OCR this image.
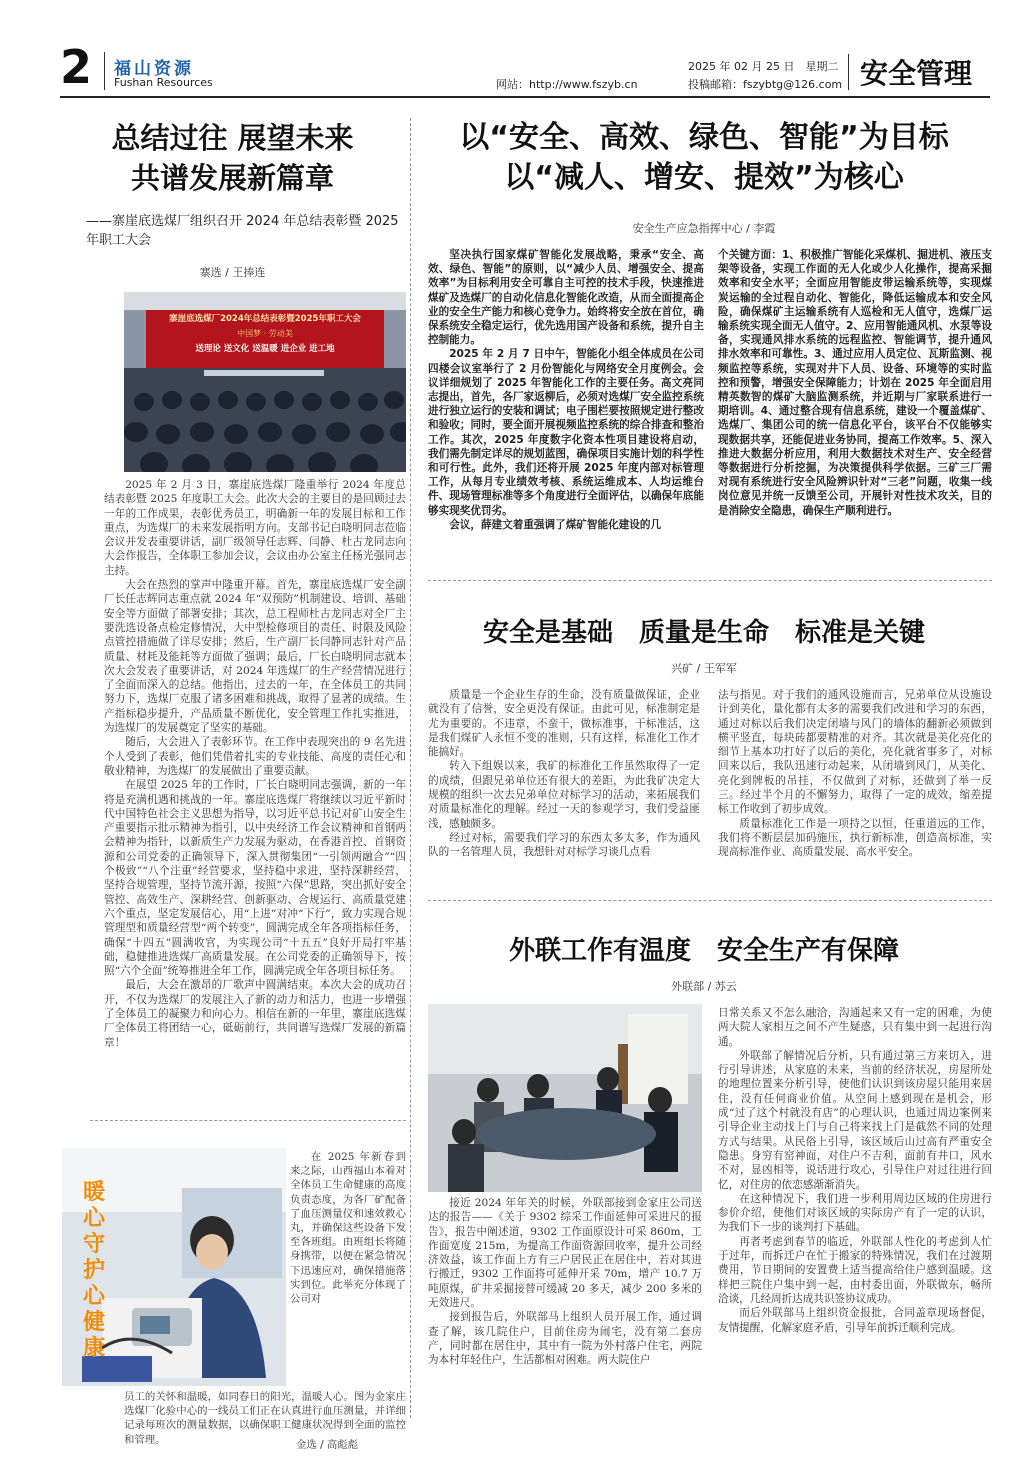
2 福山资源
Fushan Resources	网站：http://www.fszyb.cn
2025 年 02 月 25 日　星期二
投稿邮箱：fszybtg@126.com 安全管理
总结过往 展望未来
共谱发展新篇章
——寨崖底选煤厂组织召开 2024 年总结表彰暨 2025 年职工大会
寨选 / 王捧连
寨崖底选煤厂2024年总结表彰暨2025年职工大会
中国梦 · 劳动美
送理论 送文化 送温暖 进企业 进工地

2025 年 2 月 3 日，寨崖底选煤厂隆重举行 2024 年度总结表彰暨 2025 年度职工大会。此次大会的主要目的是回顾过去一年的工作成果，表彰优秀员工，明确新一年的发展目标和工作重点，为选煤厂的未来发展指明方向。支部书记白晓明同志莅临会议并发表重要讲话，副厂级领导任志辉、闫静、杜古龙同志向大会作报告，全体职工参加会议，会议由办公室主任杨光强同志主持。

大会在热烈的掌声中隆重开幕。首先，寨崖底选煤厂安全副厂长任志辉同志重点就 2024 年“双预防”机制建设、培训、基础安全等方面做了部署安排；其次，总工程师杜古龙同志对全厂主要洗选设备点检定修情况，大中型检修项目的责任、时限及风险点管控措施做了详尽安排；然后，生产副厂长闫静同志针对产品质量、材耗及能耗等方面做了强调；最后，厂长白晓明同志就本次大会发表了重要讲话，对 2024 年选煤厂的生产经营情况进行了全面而深入的总结。他指出，过去的一年，在全体员工的共同努力下，选煤厂克服了诸多困难和挑战，取得了显著的成绩。生产指标稳步提升，产品质量不断优化，安全管理工作扎实推进，为选煤厂的发展奠定了坚实的基础。

随后，大会进入了表彰环节。在工作中表现突出的 9 名先进个人受到了表彰，他们凭借着扎实的专业技能、高度的责任心和敬业精神，为选煤厂的发展做出了重要贡献。

在展望 2025 年的工作时，厂长白晓明同志强调，新的一年将是充满机遇和挑战的一年。寨崖底选煤厂将继续以习近平新时代中国特色社会主义思想为指导，以习近平总书记对矿山安全生产重要指示批示精神为指引，以中央经济工作会议精神和首钢两会精神为指针，以新质生产力发展为驱动，在香港首控、首钢资源和公司党委的正确领导下，深入贯彻集团“一引领两融合”“四个极致”“八个注重”经营要求，坚持稳中求进，坚持深耕经营，坚持合规管理，坚持节流开源，按照“六保”思路，突出抓好安全管控、高效生产、深耕经营、创新驱动、合规运行、高质量党建六个重点，坚定发展信心，用“上进”对冲“下行”，致力实现合规管理型和质量经营型“两个转变”，圆满完成全年各项指标任务，确保“十四五”圆满收官，为实现公司“十五五”良好开局打牢基础，稳健推进选煤厂高质量发展。在公司党委的正确领导下，按照“六个全面”统筹推进全年工作，圆满完成全年各项目标任务。

最后，大会在激昂的厂歌声中圆满结束。本次大会的成功召开，不仅为选煤厂的发展注入了新的动力和活力，也进一步增强了全体员工的凝聚力和向心力。相信在新的一年里，寨崖底选煤厂全体员工将团结一心，砥砺前行，共同谱写选煤厂发展的新篇章！

暖心守护心健康

在 2025 年新春到来之际，山西福山本着对全体员工生命健康的高度负责态度，为各厂矿配备了血压测量仪和速效救心丸，并确保这些设备下发至各班组。由班组长将随身携带，以便在紧急情况下迅速应对，确保措施落实到位。此举充分体现了公司对

员工的关怀和温暖，如同春日的阳光，温暖人心。图为金家庄选煤厂化验中心的一线员工们正在认真进行血压测量，并详细记录每班次的测量数据，以确保职工健康状况得到全面的监控和管理。	金选 / 高彪彪
以“安全、高效、绿色、智能”为目标
以“减人、增安、提效”为核心
安全生产应急指挥中心 / 李霞

坚决执行国家煤矿智能化发展战略，秉承“安全、高效、绿色、智能”的原则，以“减少人员、增强安全、提高效率”为目标利用安全可靠自主可控的技术手段，快速推进煤矿及选煤厂的自动化信息化智能化改造，从而全面提高企业的安全生产能力和核心竞争力。始终将安全放在首位，确保系统安全稳定运行，优先选用国产设备和系统，提升自主控制能力。

2025 年 2 月 7 日中午，智能化小组全体成员在公司四楼会议室举行了 2 月份智能化与网络安全月度例会。会议详细规划了 2025 年智能化工作的主要任务。高文亮同志提出，首先，各厂家返柳后，必须对选煤厂安全监控系统进行独立运行的安装和调试；电子围栏要按照规定进行整改和验收；同时，要全面开展视频监控系统的综合排查和整治工作。其次，2025 年度数字化资本性项目建设将启动，我们需先制定详尽的规划蓝图，确保项目实施计划的科学性和可行性。此外，我们还将开展 2025 年度内部对标管理工作，从每月专业绩效考核、系统运维成本、人均运维台件、现场管理标准等多个角度进行全面评估，以确保年底能够实现奖优罚劣。

会议，薛建文着重强调了煤矿智能化建设的几

个关键方面：1、积极推广智能化采煤机、掘进机、液压支架等设备，实现工作面的无人化或少人化操作，提高采掘效率和安全水平；全面应用智能皮带运输系统等，实现煤炭运输的全过程自动化、智能化，降低运输成本和安全风险，确保煤矿主运输系统有人巡检和无人值守，选煤厂运输系统实现全面无人值守。2、应用智能通风机、水泵等设备，实现通风排水系统的远程监控、智能调节，提升通风排水效率和可靠性。3、通过应用人员定位、瓦斯监测、视频监控等系统，实现对井下人员、设备、环境等的实时监控和预警，增强安全保障能力；计划在 2025 年全面启用精英数智的煤矿大脑监测系统，并近期与厂家联系进行一期培训。4、通过整合现有信息系统，建设一个覆盖煤矿、选煤厂、集团公司的统一信息化平台，该平台不仅能够实现数据共享，还能促进业务协同，提高工作效率。5、深入推进大数据分析应用，利用大数据技术对生产、安全经营等数据进行分析挖掘，为决策提供科学依据。三矿三厂需对现有系统进行安全风险辨识针对“三老”问题，收集一线岗位意见并统一反馈至公司，开展针对性技术攻关，目的是消除安全隐患，确保生产顺利进行。

安全是基础　质量是生命　标准是关键
兴矿 / 王军军

质量是一个企业生存的生命，没有质量做保证，企业就没有了信誉，安全更没有保证。由此可见，标准制定是尤为重要的。不违章，不蛮干，做标准事，干标准活，这是我们煤矿人永恒不变的准则，只有这样，标准化工作才能搞好。

转入下组娱以来，我矿的标准化工作虽然取得了一定的成绩，但跟兄弟单位还有很大的差距，为此我矿决定大规模的组织一次去兄弟单位对标学习的活动，来拓展我们对质量标准化的理解。经过一天的参观学习，我们受益匪浅，感触颇多。

经过对标，需要我们学习的东西太多太多，作为通风队的一名管理人员，我想针对对标学习谈几点看

法与指见。对于我们的通风设施而言，兄弟单位从设施设计到美化，量化都有太多的需要我们改进和学习的东西，通过对标以后我们决定闭墙与风门的墙体的翻新必须做到横平竖直，每块砖都要精准的对齐。其次就是美化亮化的细节上基本功打好了以后的美化，亮化就省事多了，对标回来以后，我队迅速行动起来，从闭墙到风门，从美化、亮化到牌板的吊挂，不仅做到了对标，还做到了举一反三。经过半个月的不懈努力，取得了一定的成效，缩差提标工作收到了初步成效。

质量标准化工作是一项持之以恒，任重道远的工作，我们将不断层层加码施压，执行新标准，创造高标准，实现高标准作业、高质量发展、高水平安全。

外联工作有温度　安全生产有保障
外联部 / 苏云

接近 2024 年年关的时候，外联部接到金家庄公司送达的报告——《关于 9302 综采工作面延伸可采进尺的报告》，报告中阐述道，9302 工作面原设计可采 860m，工作面宽度 215m，为提高工作面资源回收率，提升公司经济效益，该工作面上方有三户居民正在居住中，若对其进行搬迁，9302 工作面将可延伸开采 70m，增产 10.7 万吨原煤，矿井采掘接替可缓减 20 多天，减少 200 多米的无效进尺。

接到报告后，外联部马上组织人员开展工作，通过调查了解，该几院住户，目前住房为闹宅，没有第二套房产，同时都在居住中，其中有一院为外村落户住宅，两院为本村年轻住户，生活都相对困难。两大院住户

日常关系又不怎么融洽，沟通起来又有一定的困难，为使两大院人家相互之间不产生疑惑，只有集中到一起进行沟通。

外联部了解情况后分析，只有通过第三方来切入，进行引导讲述，从家庭的未来，当前的经济状况，房屋所处的地理位置来分析引导，使他们认识到该房屋只能用来居住，没有任何商业价值。从空间上感到现在是机会，形成“过了这个村就没有店”的心理认识，也通过周边案例来引导企业主动找上门与自己将来找上门是截然不同的处理方式与结果。从民俗上引导，该区域后山过高有严重安全隐患。身穷有窑神面，对住户不吉利，面前有井口，风水不对，显凶相等，说话进行攻心，引导住户对过往进行回忆，对住房的依恋感渐渐消失。

在这种情况下，我们进一步利用周边区域的住房进行参价介绍，使他们对该区域的实际房产有了一定的认识，为我们下一步的谈判打下基础。

再者考虑到春节的临近，外联部人性化的考虑到人忙于过年，而拆迁户在忙于搬家的特殊情况，我们在过渡期费用，节日期间的安置费上适当提高给住户感到温暖。这样把三院住户集中到一起，由村委出面，外联做东，畅所洽谈，几经周折达成共识签协议成功。

而后外联部马上组织资金报批，合同盖章现场督促，友情提醒，化解家庭矛盾，引导年前拆迁顺利完成。
